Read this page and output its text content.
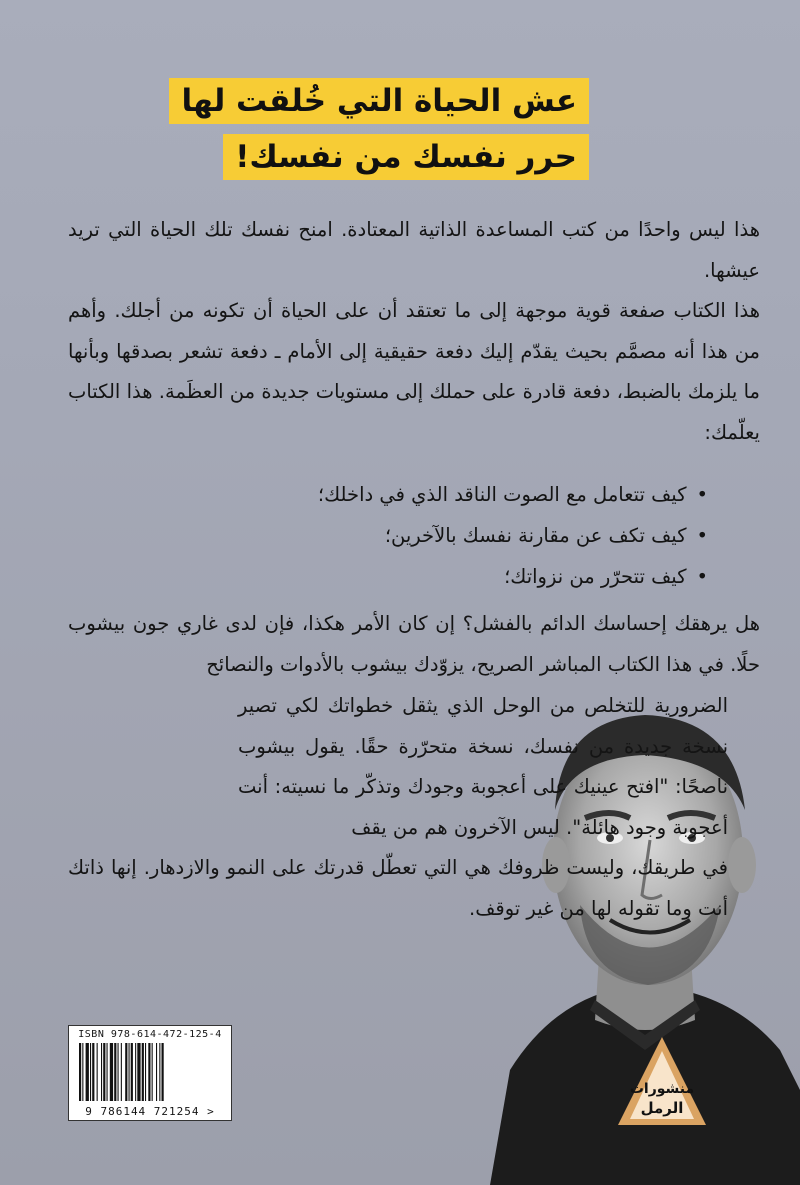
عش الحياة التي خُلقت لها
حرر نفسك من نفسك!

هذا ليس واحدًا من كتب المساعدة الذاتية المعتادة. امنح نفسك تلك الحياة التي تريد عيشها.

هذا الكتاب صفعة قوية موجهة إلى ما تعتقد أن على الحياة أن تكونه من أجلك. وأهم من هذا أنه مصمَّم بحيث يقدّم إليك دفعة حقيقية إلى الأمام ـ دفعة تشعر بصدقها وبأنها ما يلزمك بالضبط، دفعة قادرة على حملك إلى مستويات جديدة من العظَمة. هذا الكتاب يعلّمك:

• كيف تتعامل مع الصوت الناقد الذي في داخلك؛
• كيف تكف عن مقارنة نفسك بالآخرين؛
• كيف تتحرّر من نزواتك؛

هل يرهقك إحساسك الدائم بالفشل؟ إن كان الأمر هكذا، فإن لدى غاري جون بيشوب حلًا. في هذا الكتاب المباشر الصريح، يزوّدك بيشوب بالأدوات والنصائح

الضرورية للتخلص من الوحل الذي يثقل خطواتك لكي تصير نسخة جديدة من نفسك، نسخة متحرّرة حقًا. يقول بيشوب ناصحًا: "افتح عينيك على أعجوبة وجودك وتذكّر ما نسيته: أنت أعجوبة وجود هائلة". ليس الآخرون هم من يقف
في طريقك، وليست ظروفك هي التي تعطّل قدرتك على النمو والازدهار. إنها ذاتك أنت وما تقوله لها من غير توقف.

ISBN 978-614-472-125-4
9 786144 721254 >
منشورات
الرمل
